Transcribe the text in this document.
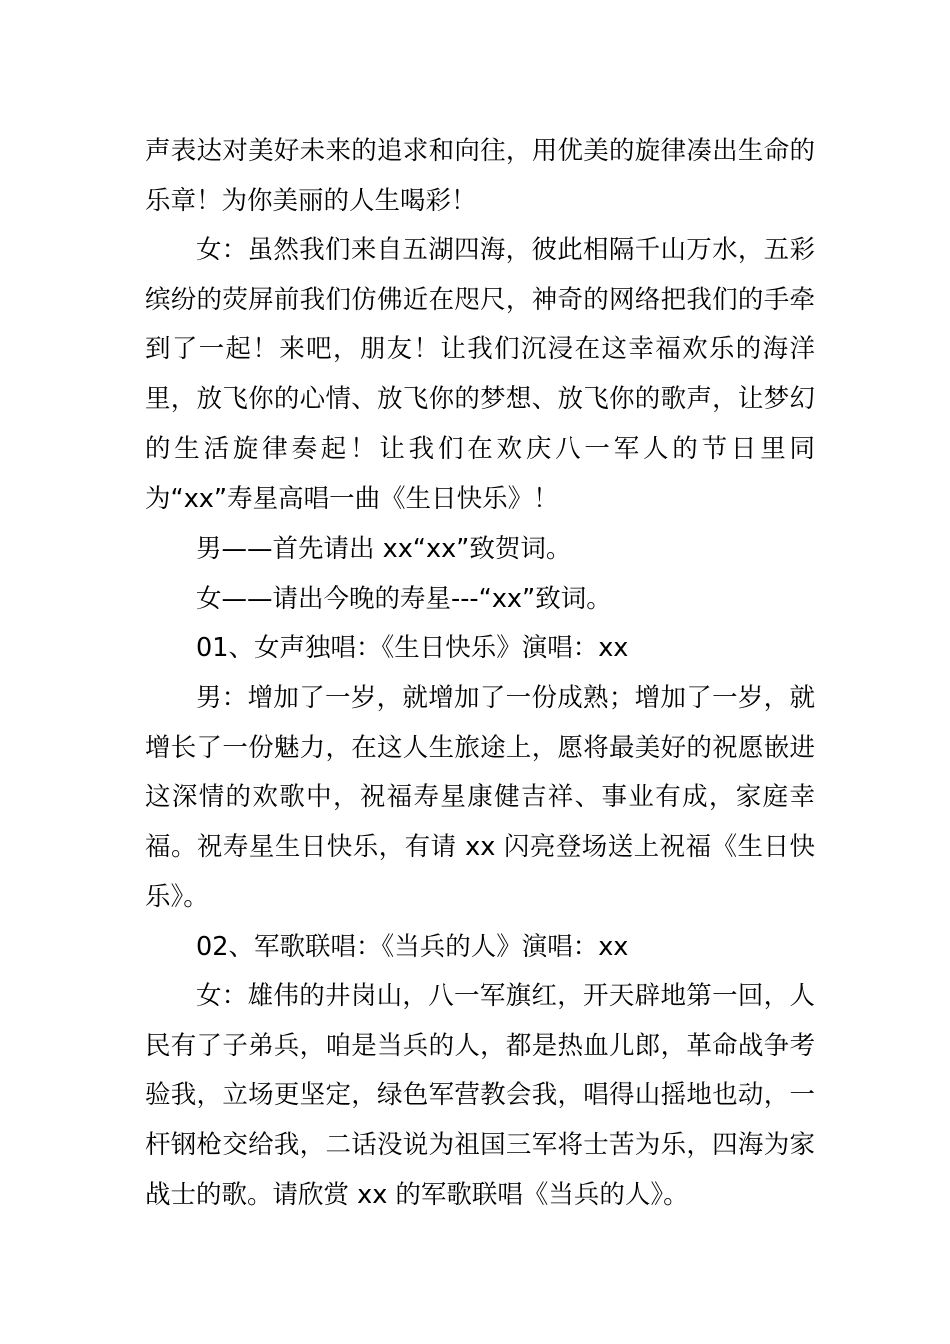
声表达对美好未来的追求和向往，用优美的旋律凑出生命的乐章！为你美丽的人生喝彩！

女：虽然我们来自五湖四海，彼此相隔千山万水，五彩缤纷的荧屏前我们仿佛近在咫尺，神奇的网络把我们的手牵到了一起！来吧，朋友！让我们沉浸在这幸福欢乐的海洋里，放飞你的心情、放飞你的梦想、放飞你的歌声，让梦幻的生活旋律奏起！让我们在欢庆八一军人的节日里同为“xx”寿星高唱一曲《生日快乐》！

男——首先请出 xx“xx”致贺词。

女——请出今晚的寿星---“xx”致词。

01、女声独唱：《生日快乐》演唱：xx

男：增加了一岁，就增加了一份成熟；增加了一岁，就增长了一份魅力，在这人生旅途上，愿将最美好的祝愿嵌进这深情的欢歌中，祝福寿星康健吉祥、事业有成，家庭幸福。祝寿星生日快乐，有请 xx 闪亮登场送上祝福《生日快乐》。

02、军歌联唱：《当兵的人》演唱：xx

女：雄伟的井岗山，八一军旗红，开天辟地第一回，人民有了子弟兵，咱是当兵的人，都是热血儿郎，革命战争考验我，立场更坚定，绿色军营教会我，唱得山摇地也动，一杆钢枪交给我，二话没说为祖国三军将士苦为乐，四海为家战士的歌。请欣赏 xx 的军歌联唱《当兵的人》。
